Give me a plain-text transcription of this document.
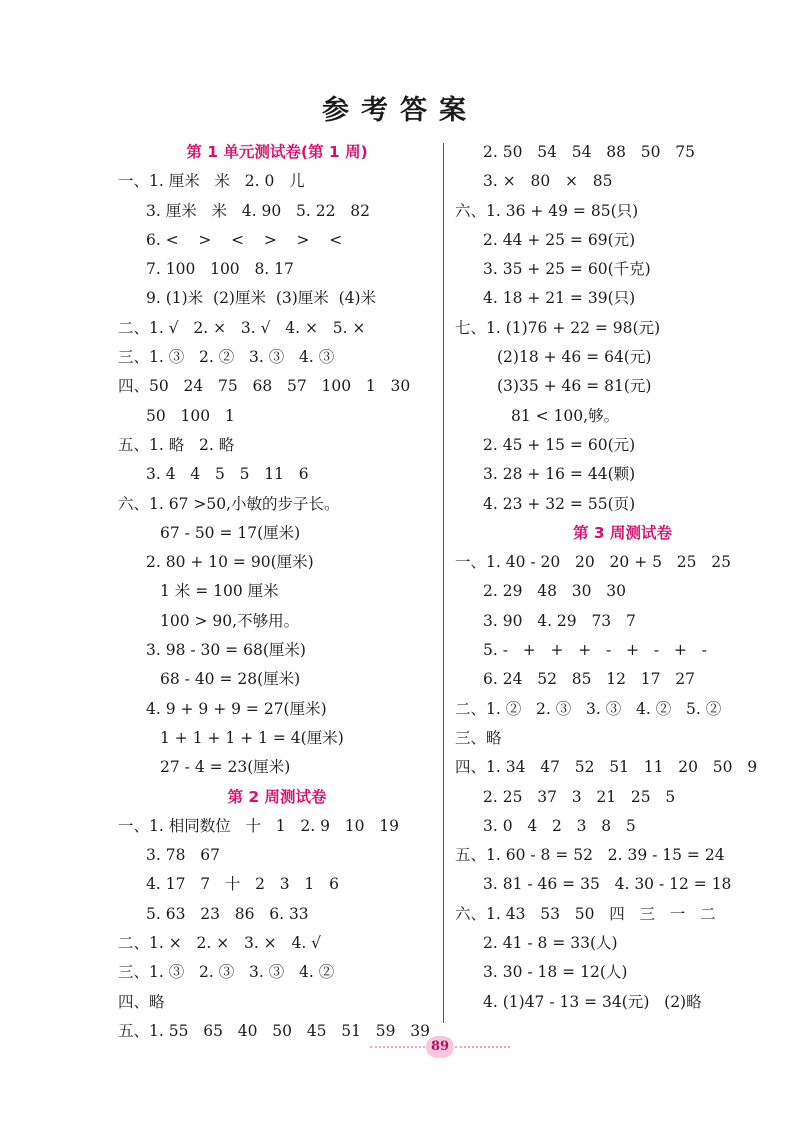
参考答案
第 1 单元测试卷(第 1 周)
一、1. 厘米   米   2. 0   儿
3. 厘米   米   4. 90   5. 22   82
6. <    >    <    >    >    <
7. 100   100   8. 17
9. (1)米  (2)厘米  (3)厘米  (4)米
二、1. √   2. ×   3. √   4. ×   5. ×
三、1. ③   2. ②   3. ③   4. ③
四、50   24   75   68   57   100   1   30
50   100   1
五、1. 略   2. 略
3. 4   4   5   5   11   6
六、1. 67 >50,小敏的步子长。
67 - 50 = 17(厘米)
2. 80 + 10 = 90(厘米)
1 米 = 100 厘米
100 > 90,不够用。
3. 98 - 30 = 68(厘米)
68 - 40 = 28(厘米)
4. 9 + 9 + 9 = 27(厘米)
1 + 1 + 1 + 1 = 4(厘米)
27 - 4 = 23(厘米)
第 2 周测试卷
一、1. 相同数位   十   1   2. 9   10   19
3. 78   67
4. 17   7   十   2   3   1   6
5. 63   23   86   6. 33
二、1. ×   2. ×   3. ×   4. √
三、1. ③   2. ③   3. ③   4. ②
四、略
五、1. 55   65   40   50   45   51   59   39
2. 50   54   54   88   50   75
3. ×   80   ×   85
六、1. 36 + 49 = 85(只)
2. 44 + 25 = 69(元)
3. 35 + 25 = 60(千克)
4. 18 + 21 = 39(只)
七、1. (1)76 + 22 = 98(元)
(2)18 + 46 = 64(元)
(3)35 + 46 = 81(元)
81 < 100,够。
2. 45 + 15 = 60(元)
3. 28 + 16 = 44(颗)
4. 23 + 32 = 55(页)
第 3 周测试卷
一、1. 40 - 20   20   20 + 5   25   25
2. 29   48   30   30
3. 90   4. 29   73   7
5. -   +   +   +   -   +   -   +   -
6. 24   52   85   12   17   27
二、1. ②   2. ③   3. ③   4. ②   5. ②
三、略
四、1. 34   47   52   51   11   20   50   9
2. 25   37   3   21   25   5
3. 0   4   2   3   8   5
五、1. 60 - 8 = 52   2. 39 - 15 = 24
3. 81 - 46 = 35   4. 30 - 12 = 18
六、1. 43   53   50   四   三   一   二
2. 41 - 8 = 33(人)
3. 30 - 18 = 12(人)
4. (1)47 - 13 = 34(元)   (2)略
89
